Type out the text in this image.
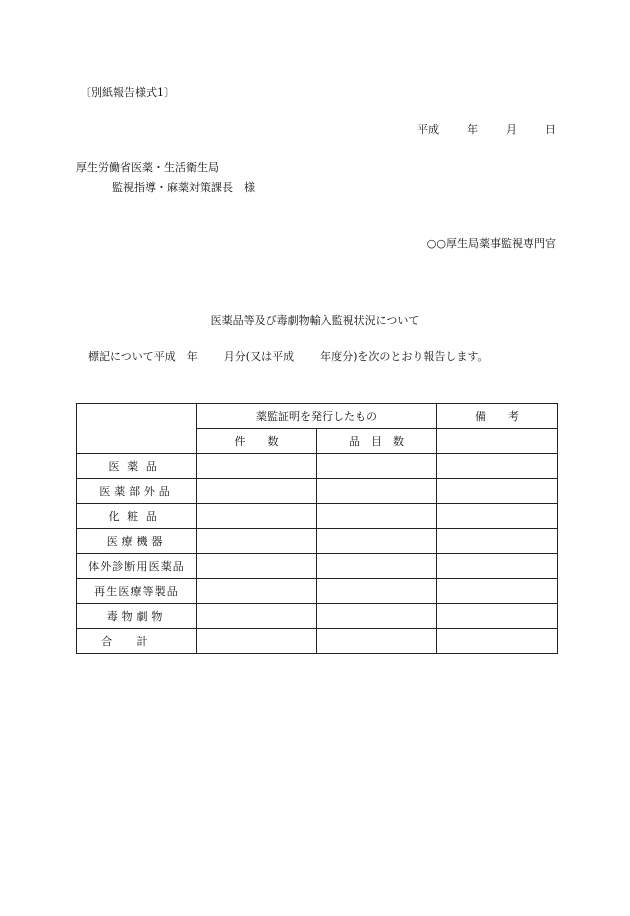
〔別紙報告様式1〕
平成	年	月	日
厚生労働省医薬・生活衛生局
監視指導・麻薬対策課長　様
○○厚生局薬事監視専門官
医薬品等及び毒劇物輸入監視状況について
標記について平成　年 月分(又は平成 年度分)を次のとおり報告します。
	薬監証明を発行したもの		備　　考
	件　　数	品　目　数	
医薬品			
医薬部外品			
化粧品			
医療機器			
体外診断用医薬品			
再生医療等製品			
毒物劇物			
合計			
